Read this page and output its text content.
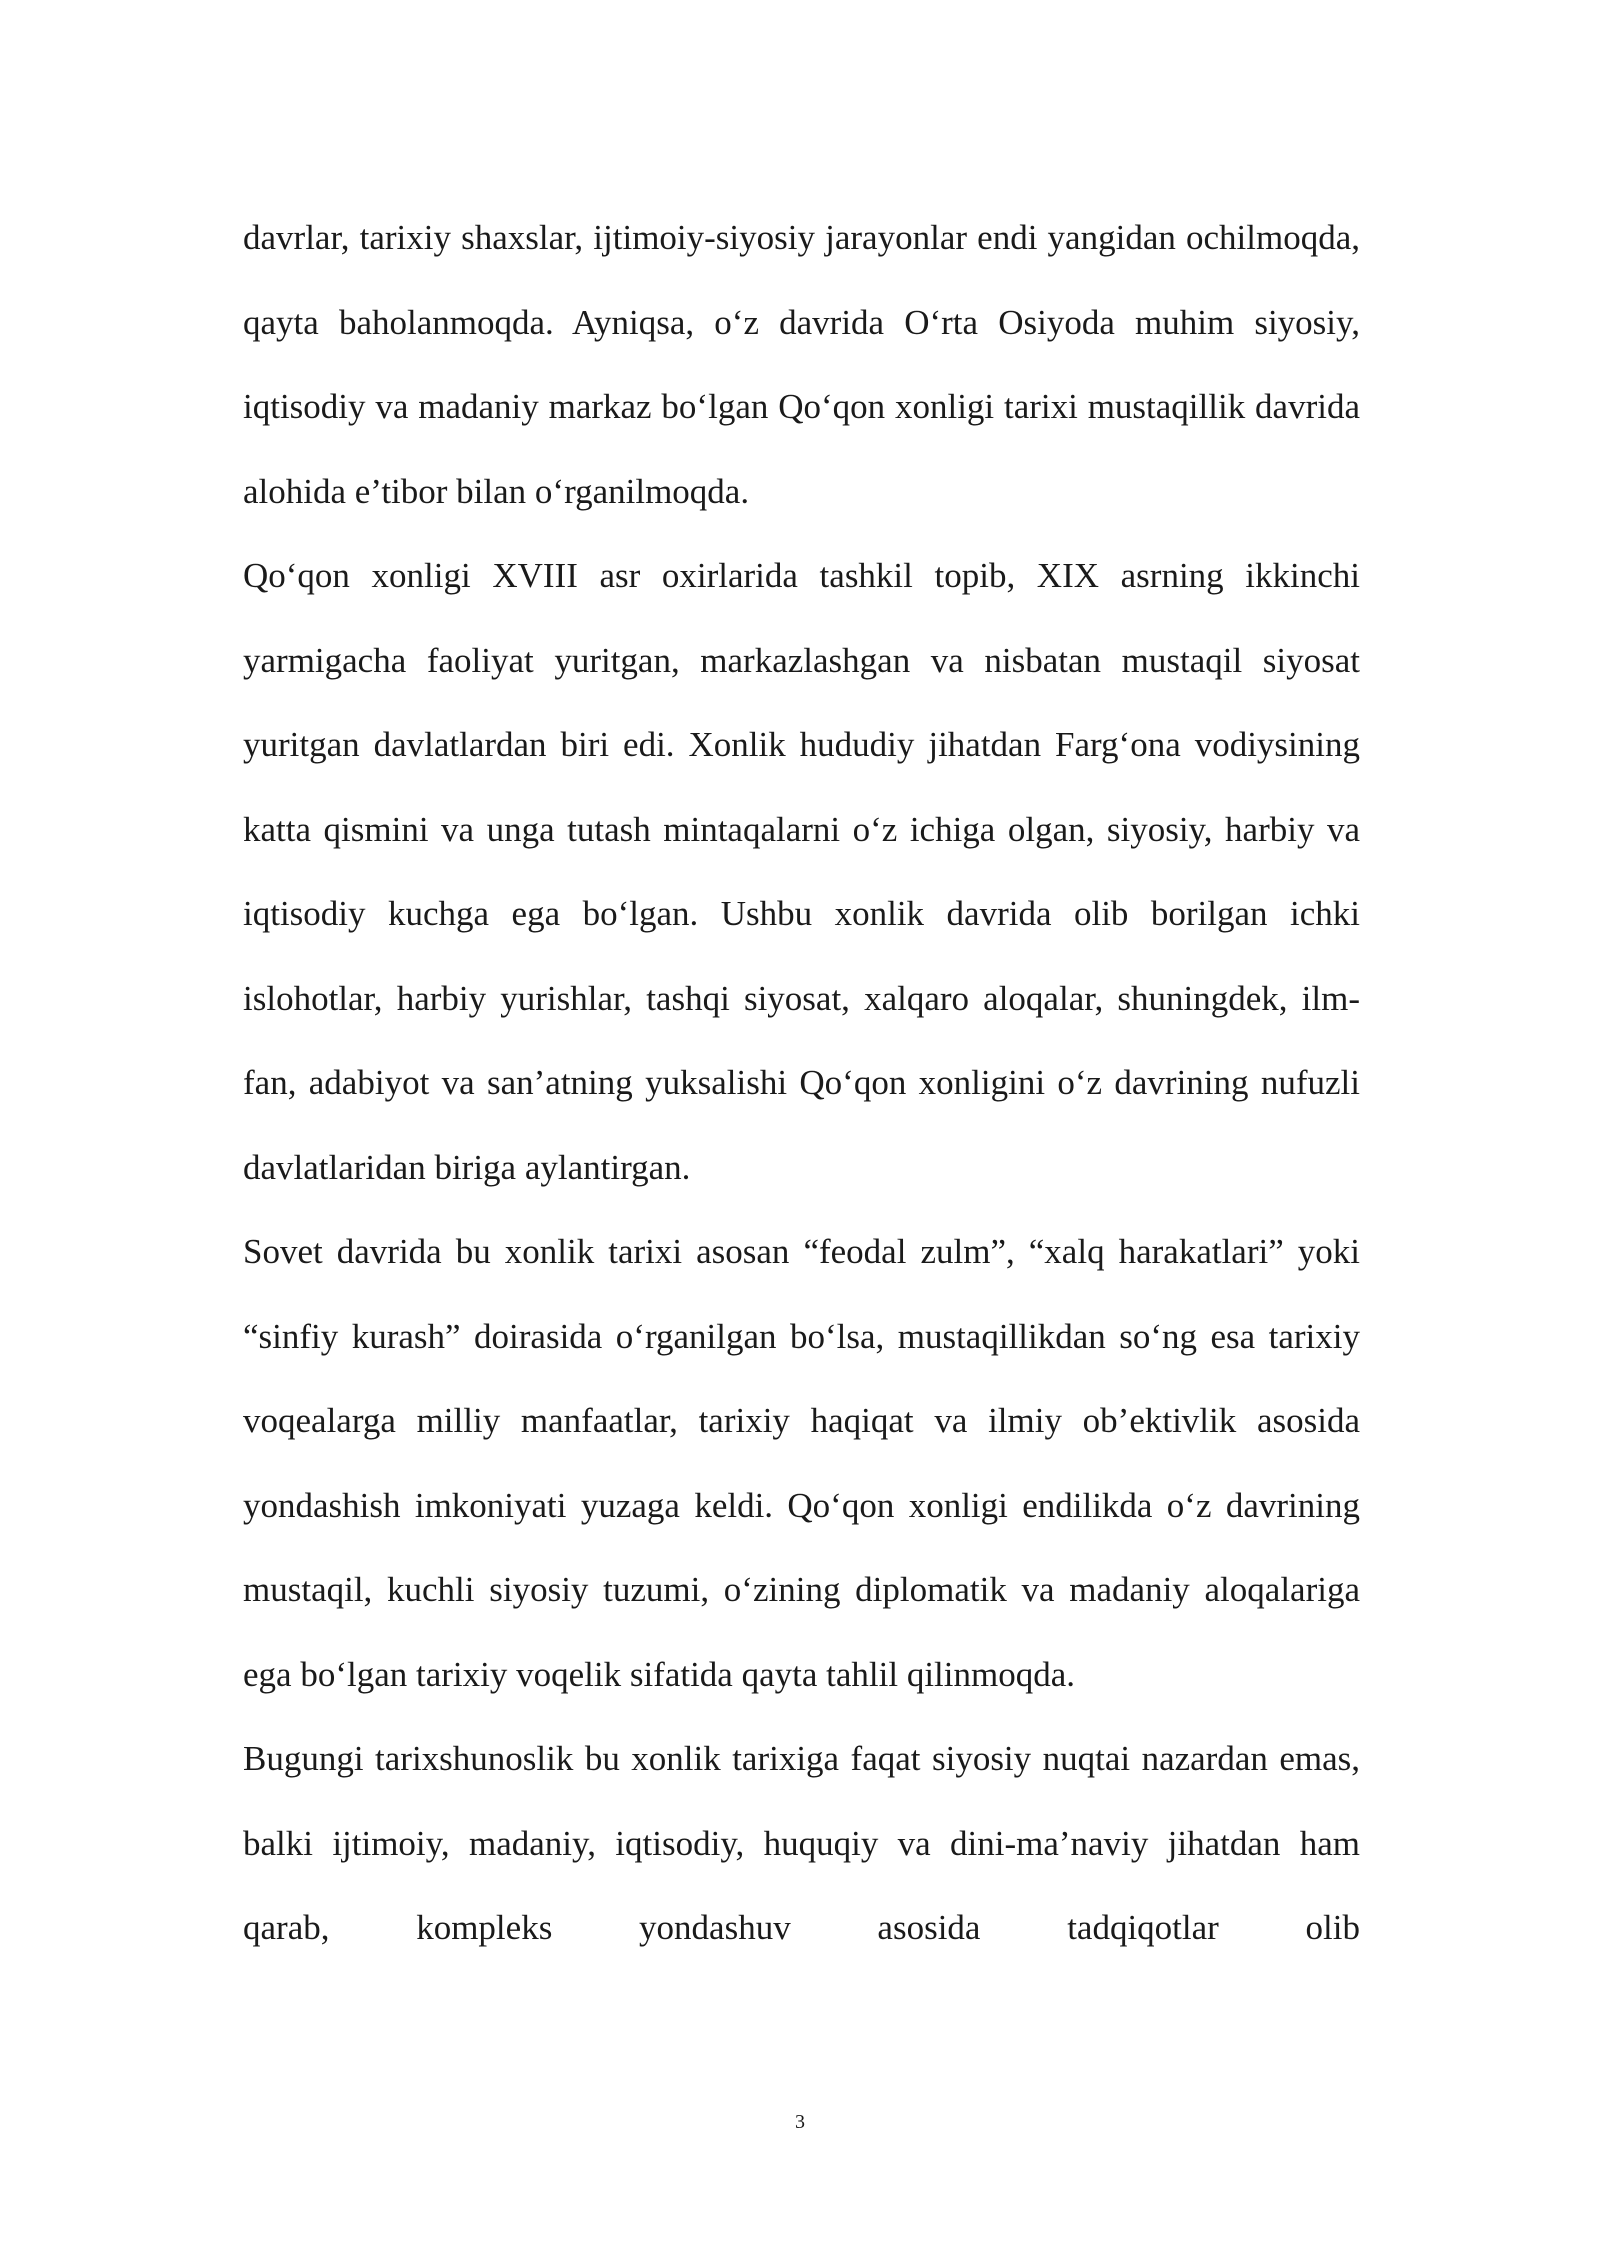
davrlar, tarixiy shaxslar, ijtimoiy-siyosiy jarayonlar endi yangidan ochilmoqda, qayta baholanmoqda. Ayniqsa, o‘z davrida O‘rta Osiyoda muhim siyosiy, iqtisodiy va madaniy markaz bo‘lgan Qo‘qon xonligi tarixi mustaqillik davrida alohida e’tibor bilan o‘rganilmoqda.

Qo‘qon xonligi XVIII asr oxirlarida tashkil topib, XIX asrning ikkinchi yarmigacha faoliyat yuritgan, markazlashgan va nisbatan mustaqil siyosat yuritgan davlatlardan biri edi. Xonlik hududiy jihatdan Farg‘ona vodiysining katta qismini va unga tutash mintaqalarni o‘z ichiga olgan, siyosiy, harbiy va iqtisodiy kuchga ega bo‘lgan. Ushbu xonlik davrida olib borilgan ichki islohotlar, harbiy yurishlar, tashqi siyosat, xalqaro aloqalar, shuningdek, ilm-fan, adabiyot va san’atning yuksalishi Qo‘qon xonligini o‘z davrining nufuzli davlatlaridan biriga aylantirgan.

Sovet davrida bu xonlik tarixi asosan “feodal zulm”, “xalq harakatlari” yoki “sinfiy kurash” doirasida o‘rganilgan bo‘lsa, mustaqillikdan so‘ng esa tarixiy voqealarga milliy manfaatlar, tarixiy haqiqat va ilmiy ob’ektivlik asosida yondashish imkoniyati yuzaga keldi. Qo‘qon xonligi endilikda o‘z davrining mustaqil, kuchli siyosiy tuzumi, o‘zining diplomatik va madaniy aloqalariga ega bo‘lgan tarixiy voqelik sifatida qayta tahlil qilinmoqda.

Bugungi tarixshunoslik bu xonlik tarixiga faqat siyosiy nuqtai nazardan emas, balki ijtimoiy, madaniy, iqtisodiy, huquqiy va dini-ma’naviy jihatdan ham qarab, kompleks yondashuv asosida tadqiqotlar olib

3
